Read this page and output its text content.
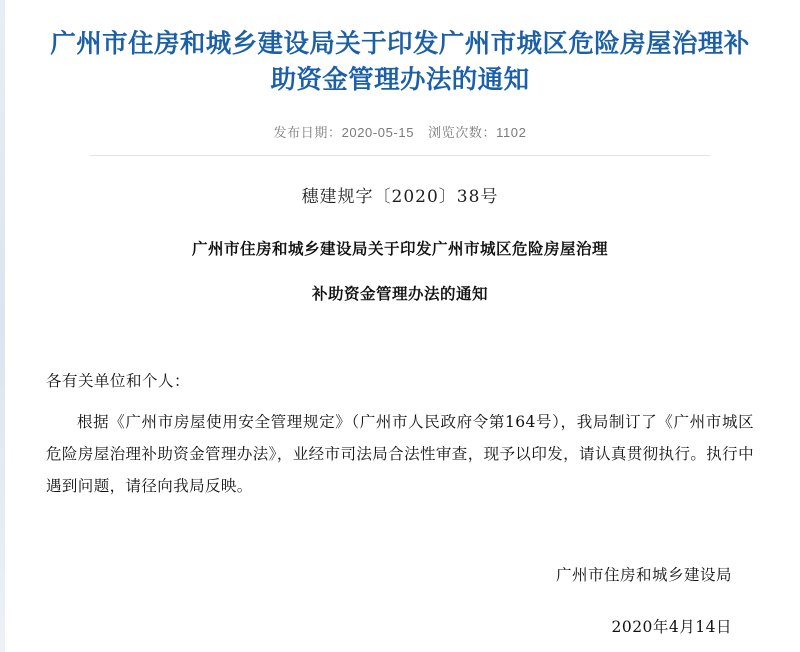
广州市住房和城乡建设局关于印发广州市城区危险房屋治理补助资金管理办法的通知
发布日期：2020-05-15 浏览次数：1102
穗建规字〔2020〕38号
广州市住房和城乡建设局关于印发广州市城区危险房屋治理
补助资金管理办法的通知
各有关单位和个人：
根据《广州市房屋使用安全管理规定》（广州市人民政府令第164号），我局制订了《广州市城区危险房屋治理补助资金管理办法》，业经市司法局合法性审查，现予以印发，请认真贯彻执行。执行中遇到问题，请径向我局反映。
广州市住房和城乡建设局
2020年4月14日
